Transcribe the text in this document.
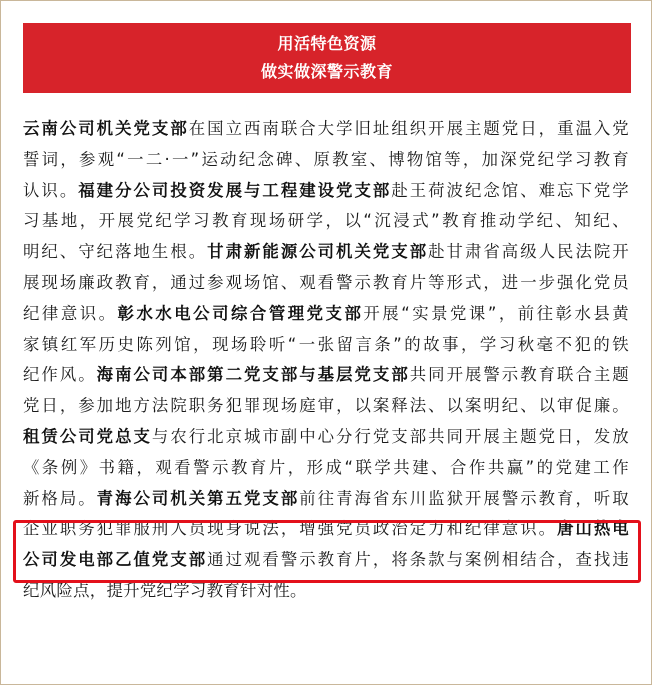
用活特色资源
做实做深警示教育
云南公司机关党支部在国立西南联合大学旧址组织开展主题党日，重温入党
誓词，参观“一二·一”运动纪念碑、原教室、博物馆等，加深党纪学习教育
认识。福建分公司投资发展与工程建设党支部赴王荷波纪念馆、难忘下党学
习基地，开展党纪学习教育现场研学，以“沉浸式”教育推动学纪、知纪、
明纪、守纪落地生根。甘肃新能源公司机关党支部赴甘肃省高级人民法院开
展现场廉政教育，通过参观场馆、观看警示教育片等形式，进一步强化党员
纪律意识。彰水水电公司综合管理党支部开展“实景党课”，前往彰水县黄
家镇红军历史陈列馆，现场聆听“一张留言条”的故事，学习秋毫不犯的铁
纪作风。海南公司本部第二党支部与基层党支部共同开展警示教育联合主题
党日，参加地方法院职务犯罪现场庭审，以案释法、以案明纪、以审促廉。
租赁公司党总支与农行北京城市副中心分行党支部共同开展主题党日，发放
《条例》书籍，观看警示教育片，形成“联学共建、合作共赢”的党建工作
新格局。青海公司机关第五党支部前往青海省东川监狱开展警示教育，听取
企业职务犯罪服刑人员现身说法，增强党员政治定力和纪律意识。唐山热电
公司发电部乙值党支部通过观看警示教育片，将条款与案例相结合，查找违
纪风险点，提升党纪学习教育针对性。
